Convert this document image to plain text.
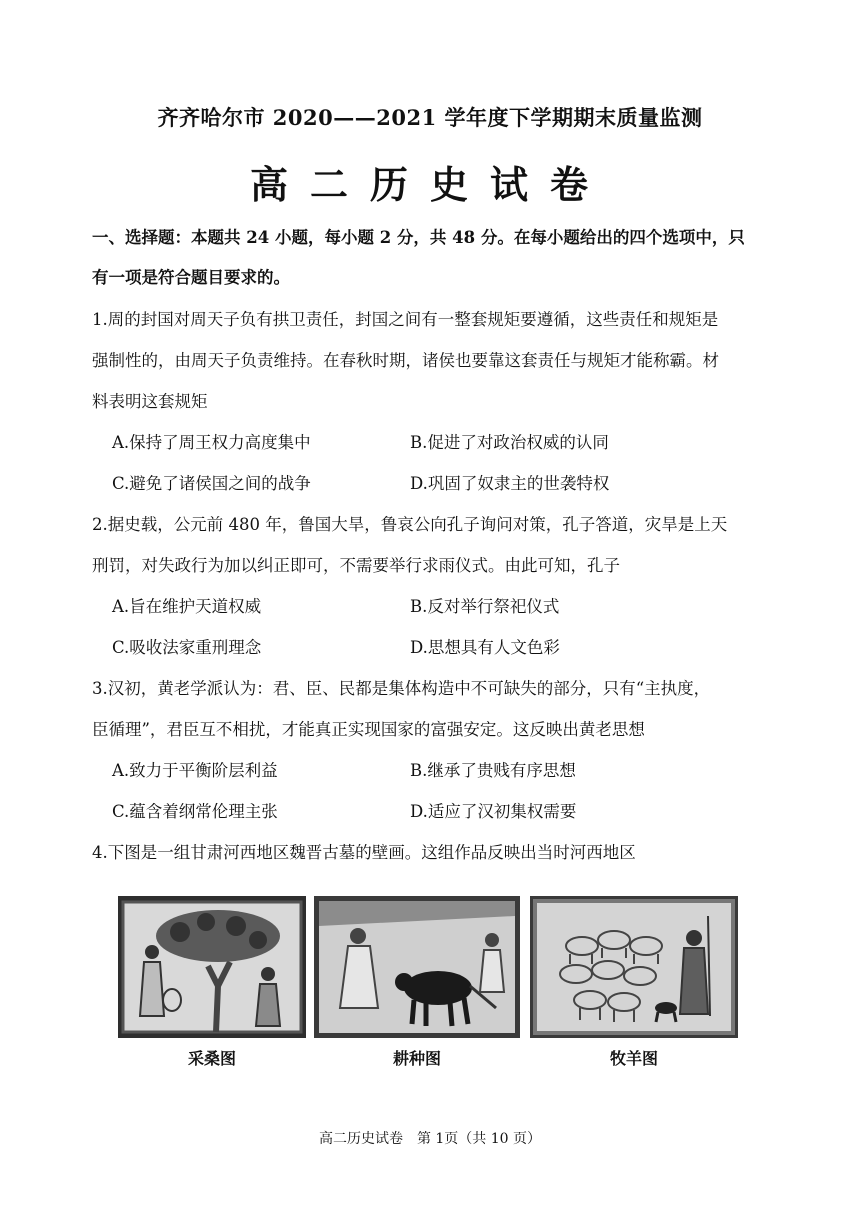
齐齐哈尔市 2020——2021 学年度下学期期末质量监测
高二历史试卷
一、选择题：本题共 24 小题，每小题 2 分，共 48 分。在每小题给出的四个选项中，只
有一项是符合题目要求的。
1.周的封国对周天子负有拱卫责任，封国之间有一整套规矩要遵循，这些责任和规矩是
强制性的，由周天子负责维持。在春秋时期，诸侯也要靠这套责任与规矩才能称霸。材
料表明这套规矩
A.保持了周王权力高度集中	B.促进了对政治权威的认同
C.避免了诸侯国之间的战争	D.巩固了奴隶主的世袭特权
2.据史载，公元前 480 年，鲁国大旱，鲁哀公向孔子询问对策，孔子答道，灾旱是上天
刑罚，对失政行为加以纠正即可，不需要举行求雨仪式。由此可知，孔子
A.旨在维护天道权威	B.反对举行祭祀仪式
C.吸收法家重刑理念	D.思想具有人文色彩
3.汉初，黄老学派认为：君、臣、民都是集体构造中不可缺失的部分，只有“主执度，
臣循理”，君臣互不相扰，才能真正实现国家的富强安定。这反映出黄老思想
A.致力于平衡阶层利益	B.继承了贵贱有序思想
C.蕴含着纲常伦理主张	D.适应了汉初集权需要
4.下图是一组甘肃河西地区魏晋古墓的壁画。这组作品反映出当时河西地区
采桑图	耕种图	牧羊图
高二历史试卷　第 1页（共 10 页）
